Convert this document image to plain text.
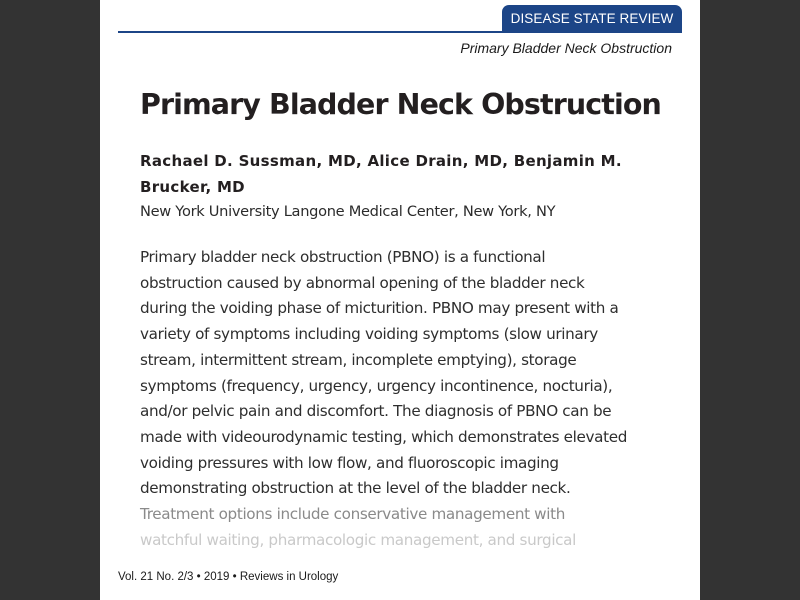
DISEASE STATE REVIEW
Primary Bladder Neck Obstruction
Primary Bladder Neck Obstruction
Rachael D. Sussman, MD, Alice Drain, MD, Benjamin M. Brucker, MD
New York University Langone Medical Center, New York, NY
Primary bladder neck obstruction (PBNO) is a functional
obstruction caused by abnormal opening of the bladder neck
during the voiding phase of micturition. PBNO may present with a
variety of symptoms including voiding symptoms (slow urinary
stream, intermittent stream, incomplete emptying), storage
symptoms (frequency, urgency, urgency incontinence, nocturia),
and/or pelvic pain and discomfort. The diagnosis of PBNO can be
made with videourodynamic testing, which demonstrates elevated
voiding pressures with low flow, and fluoroscopic imaging
demonstrating obstruction at the level of the bladder neck.
Treatment options include conservative management with
watchful waiting, pharmacologic management, and surgical
Vol. 21 No. 2/3 • 2019 • Reviews in Urology
